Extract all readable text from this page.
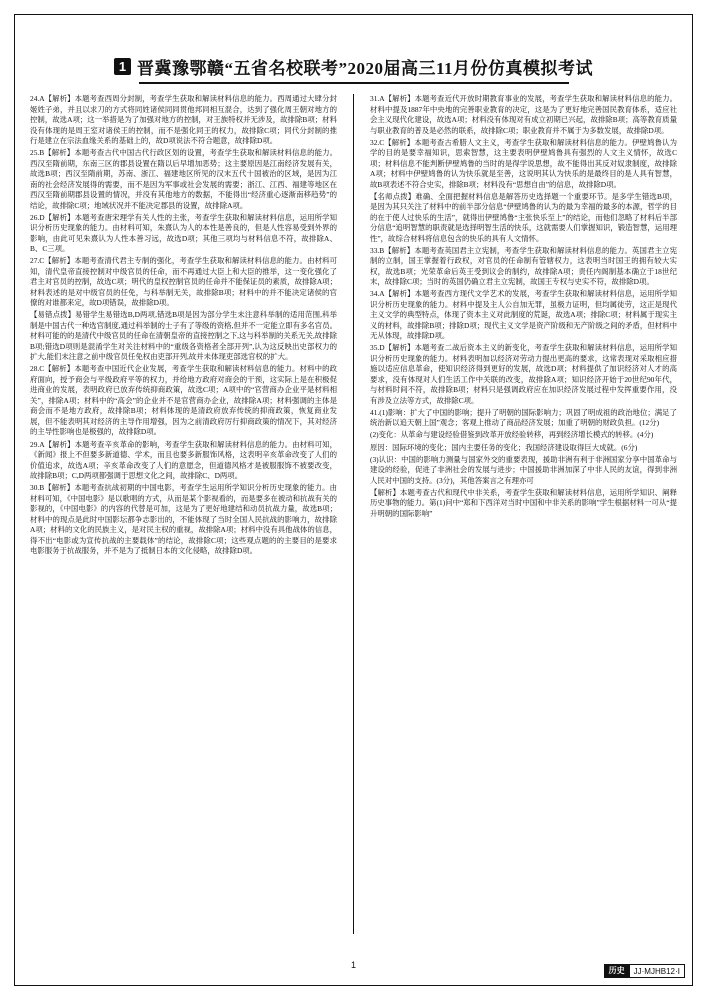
1 晋冀豫鄂赣“五省名校联考”2020届高三11月份仿真模拟考试

24.A【解析】本题考查西周分封制，考查学生获取和解读材料信息的能力。西周通过大肆分封姬姓子弟，并且以求刀的方式将同姓诸侯同同贯他邦同相互混合，达到了强化周王朝对地方的控制，故选A项；这一举措是为了加强对地方的控制，对王族特权并无涉及，故排除B项；材料没有体现的是周王室对诸侯王的控制，而不是强化同王的权力，故排除C项；同代分封制的推行是建立在宗法血缘关系的基础上的，故D项说法不符合题意，故排除D项。

25.B【解析】本题考查古代中国古代行政区划的设置，考查学生获取和解读材料信息的能力。西汉至隋前期，东南三区的郡县设置在隋以后早增加恶势；这主要原因是江南经济发展有关，故选B项；西汉至隋前期，苏南、浙江、福建地区所见的汉末五代十国被治的区域，是因为江南的社会经济发展得的需要，而不是因为军事或社会发展的需要；浙江、江西、福建等地区在西汉至隋前期郡县设置的情况，并没有其他地方的数据，不能得出“经济重心逐渐南移趋势”的结论，故排除C项；地域状况并不能决定郡县的设置，故排除A项。

26.D【解析】本题考查唐宋理学有关人性的主张，考查学生获取和解读材料信息，运用所学知识分析历史现象的能力。由材料可知，朱熹认为人的本性是善良的，但是人性容易受到外界的影响，由此可见朱熹认为人性本善习远，故选D项；其他三项均与材料信息不符，故排除A、B、C三项。

27.C【解析】本题考查清代君主专制的强化，考查学生获取和解读材料信息的能力。由材料可知，清代皇帝直接控制对中级官员的任命，而不再通过大臣上和大臣的推举，这一变化强化了君主对官员的控制，故选C项；明代的皇权控制官员的任命并不能保证员的素质，故排除A项；材料表述的是对中级官员的任免，与科举制无关，故排除B项；材料中的并不能决定诸侯的官僚的对谁都来定，故D项错误，故排除D项。

【易错点拨】易错学生易错选B,D两项,错选B项是因为部分学生未注意科举制的适用范围,科举制是中国古代一种选官制度,通过科举制的士子有了等级的资格,但并不一定能立即有多名官员。材料可能的的是清代中级官员的任命在清朝皇帝的直接控制之下,这与科举制的关系无关,故排除B项;错选D项则是混淆学生对关注材料中的“重级各资格者全部开列”,认为这反映出史部权力的扩大,能们未注意之前中级官员任免权由吏部开列,故并未体现吏部选官权的扩大。

28.C【解析】本题考查中国近代企业发展，考查学生获取和解读材料信息的能力。材料中的政府面向，授予商会与平级政府平等的权力，并给地方政府对商会的干预，这实际上是在积极促进商业的发展，表明政府已放弃传统抑商政策，故选C项；A项中的“官营商办企业平是材料相关”，排除A项；材料中的“高会”的企业并不是官营商办企业，故排除A项；材料强调的主体是商会而不是地方政府，故排除B项；材料体现的是清政府放弃传统的抑商政策，恢复商业发展，但不能表明其对经济的主导作用增强，因为之前清政府厉行抑商政策的情况下，其对经济的主导性影响也是极强的，故排除D项。

29.A【解析】本题考查辛亥革命的影响，考查学生获取和解读材料信息的能力。由材料可知，《新闻》报上不但要多新道德、学术，而且也要多新服饰风格，这表明辛亥革命改变了人们的价值追求，故选A项；辛亥革命改变了人们的意愿念，但道德风格才是被服服饰不被要改变，故排除B项；C,D两项都强调于思想文化之间，故排除C、D两项。

30.B【解析】本题考查抗战初期的中国电影，考查学生运用所学知识分析历史现象的能力。由材料可知，《中国电影》是以歌唱的方式，从而是某个影视看的，而是要多在被动和抗战有关的影视的，《中国电影》的内容的代替是可加，这是为了更好地建结和动员抗战力量，故选B项；材料中的现点是此时中国影坛都争志影出的，不能体现了当时全国人民抗战的影响力，故排除A项；材料的文化的民族主义，是对民主权的重视，故排除A项；材料中没有具他战体的信息，得不出“电影或为宣传抗战的主要载体”的结论，故排除C项；这些观点题的的主要目的是要求电影服务于抗战服务，并不是为了抵制日本的文化侵略，故排除D项。

31.A【解析】本题考查近代开放时期教育事业的发展，考查学生获取和解读材料信息的能力。材料中提及1887年中央地的完善职业教育的决定，这是为了更好地完善国民教育体系，适应社会主义现代化建设，故选A项；材料没有体现对有成立初期已兴起，故排除B项；高等教育质量与职业教育的普及是必然的联系，故排除C项；职业教育并不属于为多数发展，故排除D项。

32.C【解析】本题考查古希腊人文主义，考查学生获取和解读材料信息的能力。伊壁鸠鲁认为学的目的是要幸福知识，思索智慧，这主要表明伊壁鸠鲁具有强烈的人文主义情怀，故选C项；材料信息不能判断伊壁鸠鲁的当时的是得学说思想，故不能得出其反对奴隶制度，故排除A项；材料中伊壁鸠鲁的认为快乐就是至善，这说明其认为快乐的是最终目的是人具有智慧，故B项表述不符合史实，排除B项；材料没有“思想自由”的信息，故排除D项。

【名师点拨】难确、全面把握材料信息是解答历史选择题一个重要环节。是多学生错选B项，是因为其只关注了材料中的前半部分信息“伊壁鸠鲁的认为的最为幸福的最多的本源，哲学的目的在于使人过快乐的生活”，就得出伊壁鸠鲁“主张快乐至上”的结论，而他们忽略了材料后半部分信息“追明智慧的职责就是选择明智生活的快乐，这就需要人们掌握知识，锻造智慧，运用理性”，故综合材料将信息包含的快乐的具有人文情怀。

33.B【解析】本题考查英国君主立宪制，考查学生获取和解读材料信息的能力。英国君主立宪制的立制，国王掌握着行政权，对官员的任命制有管辖权力，这表明当时国王的拥有较大实权，故选B项；光荣革命后英王受到议会的制约，故排除A项；责任内阁制基本确立于18世纪末，故排除C项；当时的英国仍确立君主立宪制，故国王专权与史实不符，故排除D项。

34.A【解析】本题考查西方现代文学艺术的发展，考查学生获取和解读材料信息，运用所学知识分析历史现象的能力。材料中提及主人公自加无罪，虽极力证明，但均属徒劳，这正是现代主义文学的典型特点，体现了资本主义对此制度的荒诞，故选A项；排除C项；材料属于现实主义的材料，故排除B项；排除D项；现代主义文学是资产阶级和无产阶级之间的矛盾，但材料中无从体现，故排除D项。

35.D【解析】本题考查二战后资本主义的新变化，考查学生获取和解读材料信息，运用所学知识分析历史现象的能力。材料表明加以经济对劳动力提出更高的要求，这常表现对采取相应措施以适应信息革命，使知识经济得到更好的发展，故选D项；材料提供了加识经济对人才的高要求，没有体现对人们生活工作中关联的改变，故排除A项；知识经济开始于20世纪90年代，与材料时间不符，故排除B项；材料只是强调政府应在加识经济发展过程中发挥重要作用，没有涉及立法等方式，故排除C项。

41.(1)影响：扩大了中国的影响；提升了明朝的国际影响力；巩固了明成祖的政治地位；满足了统治新以追天朝上国”观念；客观上推动了商品经济发展；加重了明朝的财政负担。(12分)

(2)变化：从革命与建设经验借鉴到改革开放经验转移，再到经济增长模式的转移。(4分)

原因：国际环境的变化；国内主要任务的变化；我国经济建设取得巨大成就。(6分)

(3)认识：中国的影响力测量与国家外交的重要表现，援助非洲有利于非洲国家分享中国革命与建设的经验，促进了非洲社会的发展与进步；中国援助非洲加深了中非人民的友谊，得到非洲人民对中国的支持。(3分)，其他答案言之有理亦可

【解析】本题考查古代和现代中非关系，考查学生获取和解读材料信息，运用所学知识、阐释历史事物的能力。第(1)问中“郑和下西洋对当时中国和中非关系的影响”学生根据材料一可从“提升明朝的国际影响”

1
历史	JJ·MJHB12·Ⅰ
